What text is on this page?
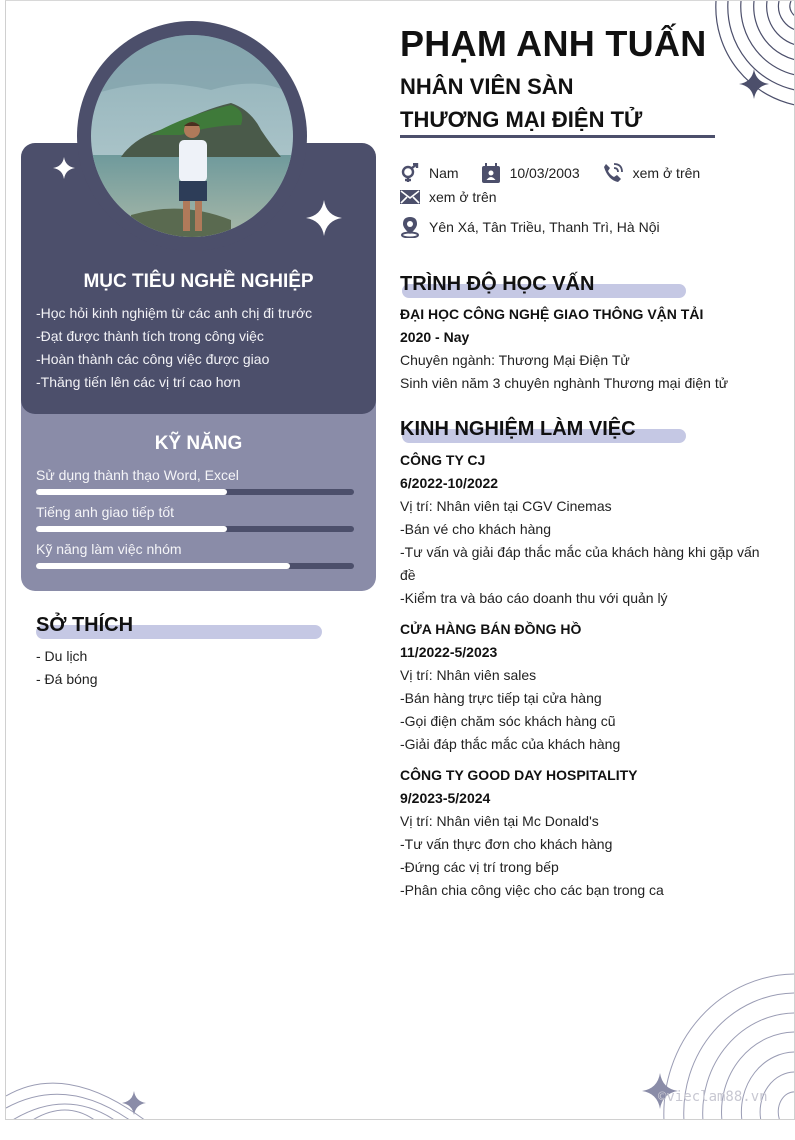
©vieclam88.vn
MỤC TIÊU NGHỀ NGHIỆP
-Học hỏi kinh nghiệm từ các anh chị đi trước
-Đạt được thành tích trong công việc
-Hoàn thành các công việc được giao
-Thăng tiến lên các vị trí cao hơn
KỸ NĂNG
Sử dụng thành thạo Word, Excel
Tiếng anh giao tiếp tốt
Kỹ năng làm việc nhóm
SỞ THÍCH
- Du lịch
- Đá bóng
PHẠM ANH TUẤN
NHÂN VIÊN SÀN
THƯƠNG MẠI ĐIỆN TỬ
Nam	10/03/2003	xem ở trên
xem ở trên
Yên Xá, Tân Triều, Thanh Trì, Hà Nội
TRÌNH ĐỘ HỌC VẤN
ĐẠI HỌC CÔNG NGHỆ GIAO THÔNG VẬN TẢI
2020 - Nay
Chuyên ngành: Thương Mại Điện Tử
Sinh viên năm 3 chuyên nghành Thương mại điện tử
KINH NGHIỆM LÀM VIỆC
CÔNG TY CJ
6/2022-10/2022
Vị trí: Nhân viên tại CGV Cinemas
-Bán vé cho khách hàng
-Tư vấn và giải đáp thắc mắc của khách hàng khi gặp vấn đề
-Kiểm tra và báo cáo doanh thu với quản lý
CỬA HÀNG BÁN ĐỒNG HỒ
11/2022-5/2023
Vị trí: Nhân viên sales
-Bán hàng trực tiếp tại cửa hàng
-Gọi điện chăm sóc khách hàng cũ
-Giải đáp thắc mắc của khách hàng
CÔNG TY GOOD DAY HOSPITALITY
9/2023-5/2024
Vị trí: Nhân viên tại Mc Donald's
-Tư vấn thực đơn cho khách hàng
-Đứng các vị trí trong bếp
-Phân chia công việc cho các bạn trong ca
